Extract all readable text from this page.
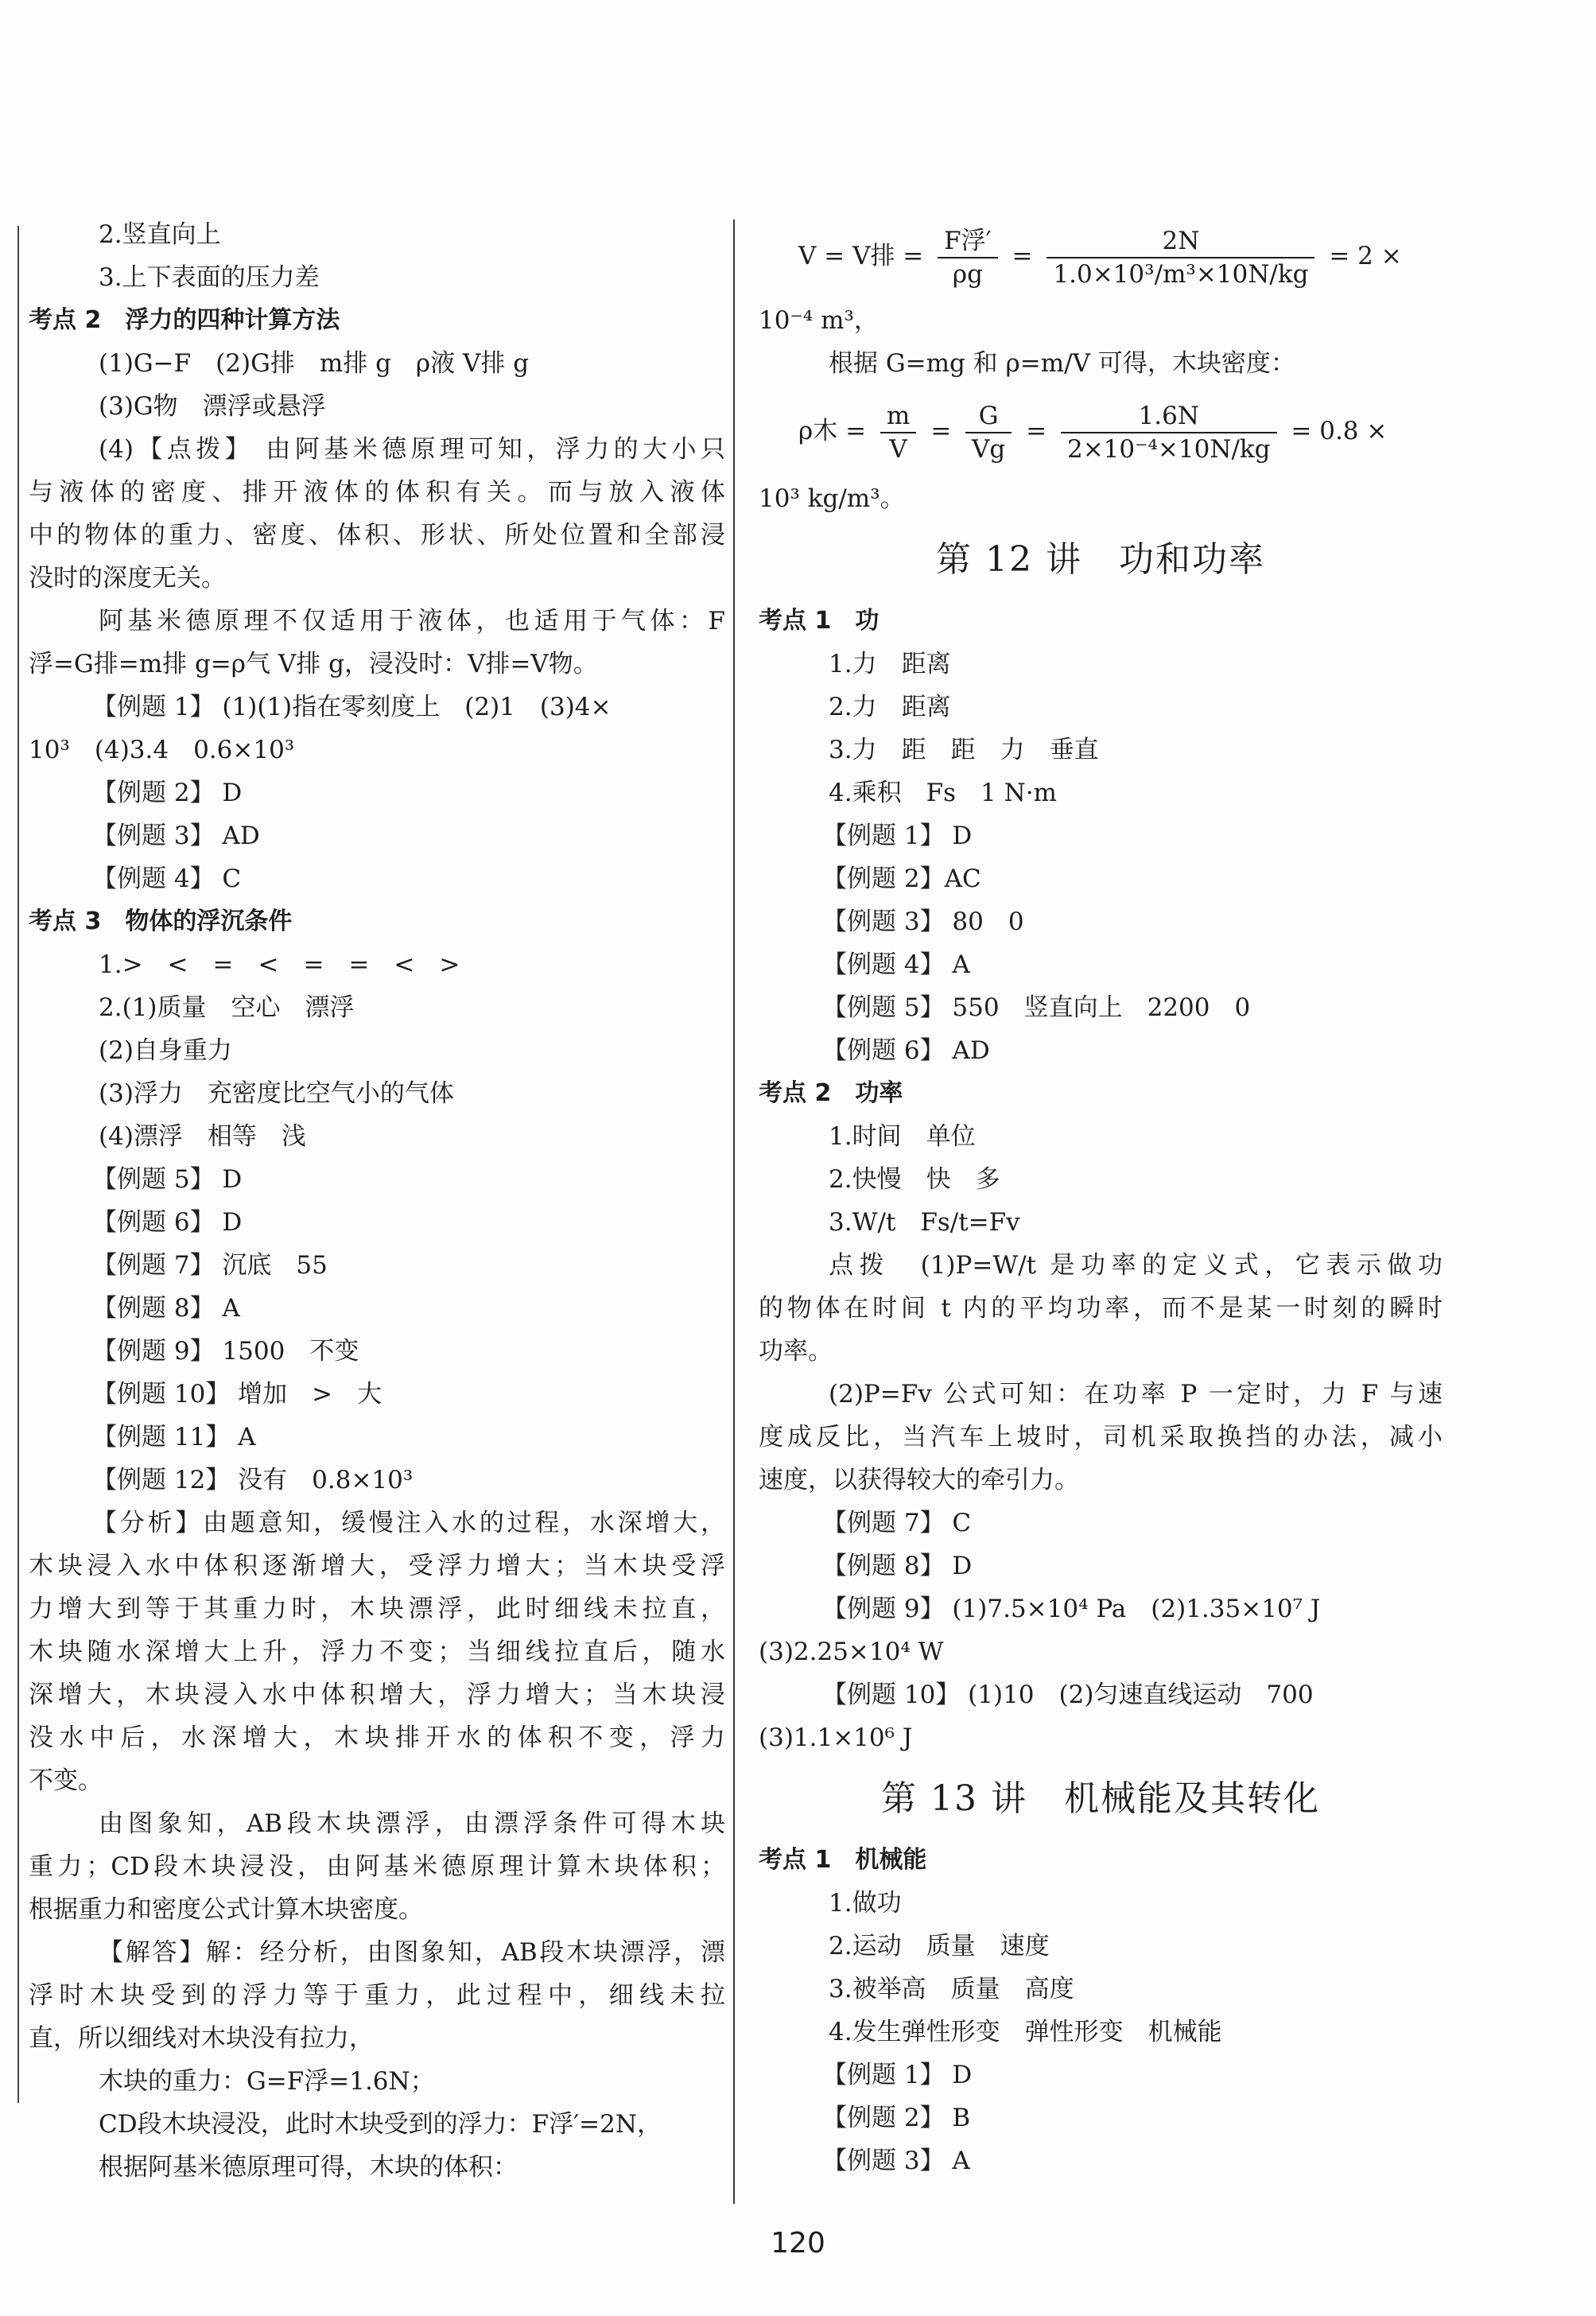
2.竖直向上
3.上下表面的压力差
考点 2　浮力的四种计算方法
(1)G−F　(2)G排　m排 g　ρ液 V排 g
(3)G物　漂浮或悬浮
(4)【点拨】 由阿基米德原理可知，浮力的大小只
与液体的密度、排开液体的体积有关。而与放入液体
中的物体的重力、密度、体积、形状、所处位置和全部浸
没时的深度无关。
阿基米德原理不仅适用于液体，也适用于气体：F
浮=G排=m排 g=ρ气 V排 g，浸没时：V排=V物。
【例题 1】 (1)(1)指在零刻度上　(2)1　(3)4×
10³　(4)3.4　0.6×10³
【例题 2】 D
【例题 3】 AD
【例题 4】 C
考点 3　物体的浮沉条件
1.>　<　=　<　=　=　<　>
2.(1)质量　空心　漂浮
(2)自身重力
(3)浮力　充密度比空气小的气体
(4)漂浮　相等　浅
【例题 5】 D
【例题 6】 D
【例题 7】 沉底　55
【例题 8】 A
【例题 9】 1500　不变
【例题 10】 增加　>　大
【例题 11】 A
【例题 12】 没有　0.8×10³
【分析】由题意知，缓慢注入水的过程，水深增大，
木块浸入水中体积逐渐增大，受浮力增大；当木块受浮
力增大到等于其重力时，木块漂浮，此时细线未拉直，
木块随水深增大上升，浮力不变；当细线拉直后，随水
深增大，木块浸入水中体积增大，浮力增大；当木块浸
没水中后，水深增大，木块排开水的体积不变，浮力
不变。
由图象知，AB段木块漂浮，由漂浮条件可得木块
重力；CD段木块浸没，由阿基米德原理计算木块体积；
根据重力和密度公式计算木块密度。
【解答】解：经分析，由图象知，AB段木块漂浮，漂
浮时木块受到的浮力等于重力，此过程中，细线未拉
直，所以细线对木块没有拉力，
木块的重力：G=F浮=1.6N；
CD段木块浸没，此时木块受到的浮力：F浮′=2N，
根据阿基米德原理可得，木块的体积：
V = V排 = $\frac{\text{F浮′}}{\rho g} = \frac{2N}{\text{1.0×10³/m³×10N/kg}} = 2$ ×
10⁻⁴ m³，
根据 G=mg 和 ρ=m/V 可得，木块密度：
ρ木 = $\frac{m}{V} = \frac{G}{Vg} = \frac{1.6N}{\text{2×10⁻⁴×10N/kg}} = 0.8$ ×
10³ kg/m³。
第 12 讲　功和功率
考点 1　功
1.力　距离
2.力　距离
3.力　距　距　力　垂直
4.乘积　Fs　1 N·m
【例题 1】 D
【例题 2】AC
【例题 3】 80　0
【例题 4】 A
【例题 5】 550　竖直向上　2200　0
【例题 6】 AD
考点 2　功率
1.时间　单位
2.快慢　快　多
3.W/t　Fs/t=Fv
点拨　(1)P=W/t 是功率的定义式，它表示做功
的物体在时间 t 内的平均功率，而不是某一时刻的瞬时
功率。
(2)P=Fv 公式可知：在功率 P 一定时，力 F 与速
度成反比，当汽车上坡时，司机采取换挡的办法，减小
速度，以获得较大的牵引力。
【例题 7】 C
【例题 8】 D
【例题 9】 (1)7.5×10⁴ Pa　(2)1.35×10⁷ J
(3)2.25×10⁴ W
【例题 10】 (1)10　(2)匀速直线运动　700
(3)1.1×10⁶ J
第 13 讲　机械能及其转化
考点 1　机械能
1.做功
2.运动　质量　速度
3.被举高　质量　高度
4.发生弹性形变　弹性形变　机械能
【例题 1】 D
【例题 2】 B
【例题 3】 A
120
